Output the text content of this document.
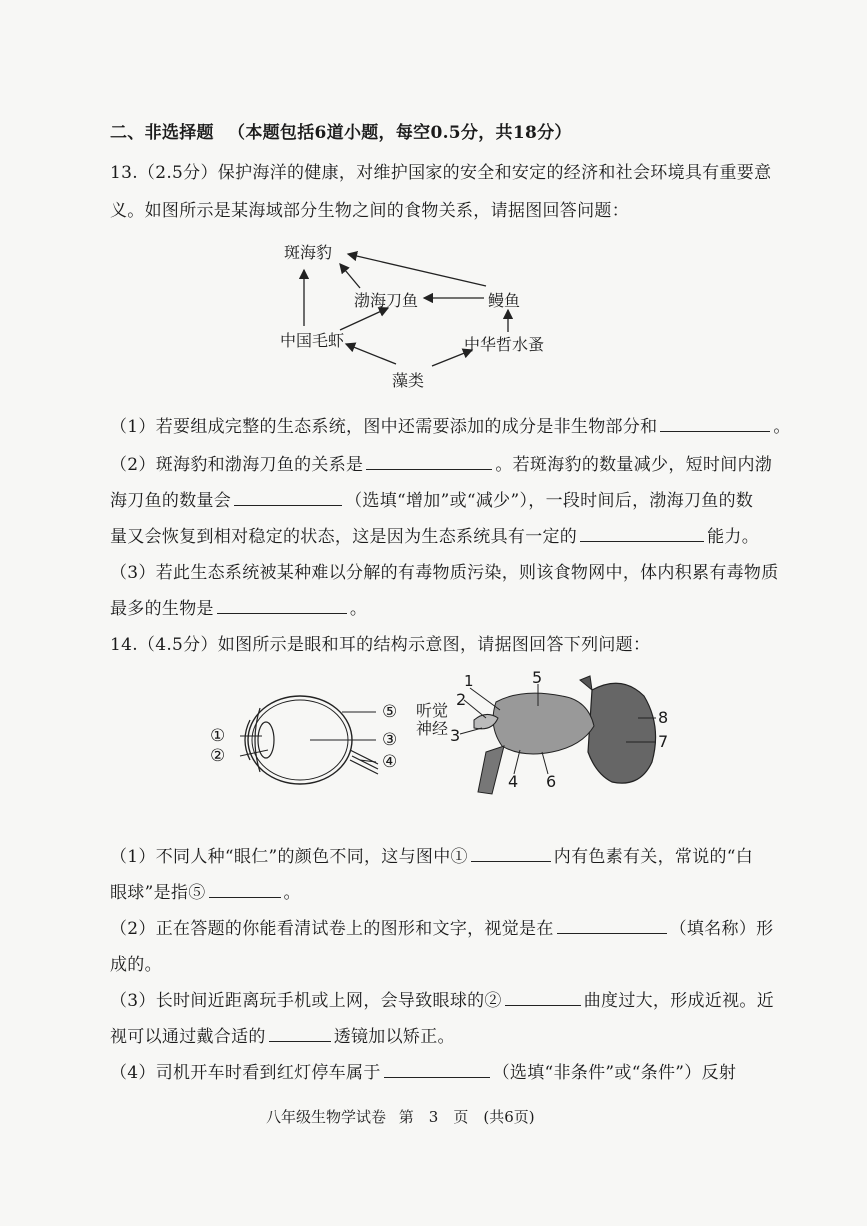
二、非选择题 （本题包括6道小题，每空0.5分，共18分）
13.（2.5分）保护海洋的健康，对维护国家的安全和安定的经济和社会环境具有重要意
义。如图所示是某海域部分生物之间的食物关系，请据图回答问题：
斑海豹
渤海刀鱼	鳗鱼
中国毛虾	中华哲水蚤
藻类
（1）若要组成完整的生态系统，图中还需要添加的成分是非生物部分和	。
（2）斑海豹和渤海刀鱼的关系是	。若斑海豹的数量减少，短时间内渤
海刀鱼的数量会	（选填“增加”或“减少”），一段时间后，渤海刀鱼的数
量又会恢复到相对稳定的状态，这是因为生态系统具有一定的	能力。
（3）若此生态系统被某种难以分解的有毒物质污染，则该食物网中，体内积累有毒物质
最多的生物是	。
14.（4.5分）如图所示是眼和耳的结构示意图，请据图回答下列问题：
①
②
③
④
⑤
1
2
3
4
5
6
7
8
听觉
神经
（1）不同人种“眼仁”的颜色不同，这与图中①	内有色素有关，常说的“白
眼球”是指⑤	。
（2）正在答题的你能看清试卷上的图形和文字，视觉是在	（填名称）形
成的。
（3）长时间近距离玩手机或上网，会导致眼球的②	曲度过大，形成近视。近
视可以通过戴合适的	透镜加以矫正。
（4）司机开车时看到红灯停车属于	（选填“非条件”或“条件”）反射
八年级生物学试卷 第　3　页　(共6页)
